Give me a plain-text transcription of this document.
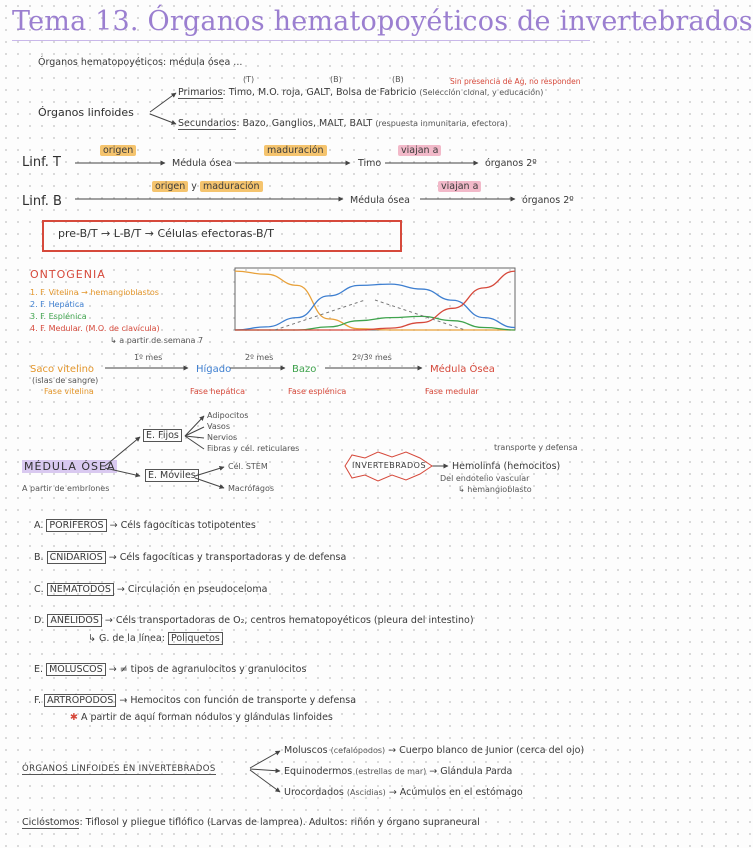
Tema 13. Órganos hematopoyéticos de invertebrados
Órganos hematopoyéticos: médula ósea ...
Órganos linfoides
(T)	(B)	(B)	Sin presencia de Ag, no responden
Primarios: Timo, M.O. roja, GALT, Bolsa de Fabricio (Selección clonal, y educación)
Secundarios: Bazo, Ganglios, MALT, BALT (respuesta inmunitaria, efectora)
Linf. T
origen
Médula ósea
maduración
Timo
viajan a
órganos 2º
Linf. B
origen y maduración
Médula ósea
viajan a
órganos 2º
pre-B/T → L-B/T → Células efectoras-B/T
ONTOGENIA
1. F. Vitelina → hemangioblastos
2. F. Hepática
3. F. Esplénica
4. F. Medular. (M.O. de clavícula)
↳ a partir de semana 7
Saco vitelino
(islas de sangre)
1º mes
Hígado
2º mes
Bazo
2º/3º mes
Médula Ósea
Fase vitelina	Fase hepática	Fase esplénica	Fase medular
MÉDULA ÓSEA
A partir de embriones
E. Fijos
Adipocitos
Vasos
Nervios
Fibras y cél. reticulares
E. Móviles
Cél. STEM
Macrófagos
INVERTEBRADOS	Hemolinfa (hemocitos)
transporte y defensa
Del endotelio vascular
↳ hemangioblasto
A. PORÍFEROS → Céls fagocíticas totipotentes
B. CNIDARIOS → Céls fagocíticas y transportadoras y de defensa
C. NEMATODOS → Circulación en pseudoceloma
D. ANÉLIDOS → Céls transportadoras de O₂, centros hematopoyéticos (pleura del intestino)
↳ G. de la línea: Poliquetos
E. MOLUSCOS → ≠ tipos de agranulocitos y granulocitos
F. ARTRÓPODOS → Hemocitos con función de transporte y defensa
✱ A partir de aquí forman nódulos y glándulas linfoides
ÓRGANOS LINFOIDES EN INVERTEBRADOS
Moluscos (cefalópodos) → Cuerpo blanco de Junior (cerca del ojo)
Equinodermos (estrellas de mar) → Glándula Parda
Urocordados (Ascidias) → Acúmulos en el estómago
Ciclóstomos: Tiflosol y pliegue tiflófico (Larvas de lamprea). Adultos: riñón y órgano supraneural
